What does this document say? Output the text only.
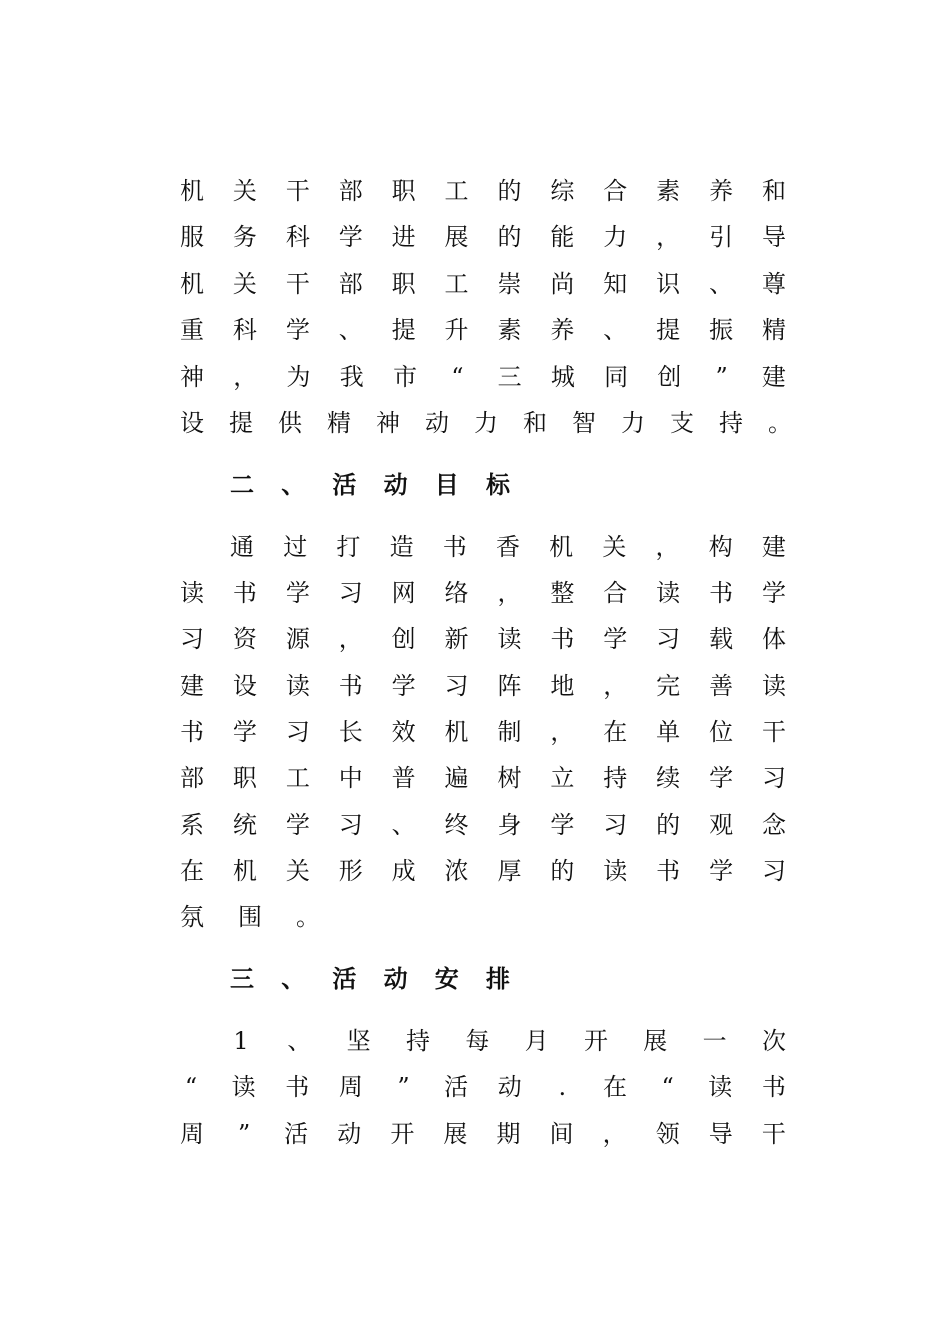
机 关 干 部 职 工 的 综 合 素 养 和
服 务 科 学 进 展 的 能 力 ， 引 导
机 关 干 部 职 工 崇 尚 知 识 、 尊
重 科 学 、 提 升 素 养 、 提 振 精
神 ， 为 我 市 “ 三 城 同 创 ” 建
设 提 供 精 神 动 力 和 智 力 支 持 。
二 、 活 动 目 标
通 过 打 造 书 香 机 关 ， 构 建
读 书 学 习 网 络 ， 整 合 读 书 学
习 资 源 ， 创 新 读 书 学 习 载 体
建 设 读 书 学 习 阵 地 ， 完 善 读
书 学 习 长 效 机 制 ， 在 单 位 干
部 职 工 中 普 遍 树 立 持 续 学 习
系 统 学 习 、 终 身 学 习 的 观 念
在 机 关 形 成 浓 厚 的 读 书 学 习
氛 围 。
三 、 活 动 安 排
1 、 坚 持 每 月 开 展 一 次
“ 读 书 周 ” 活 动 . 在 “ 读 书
周 ” 活 动 开 展 期 间 ， 领 导 干
